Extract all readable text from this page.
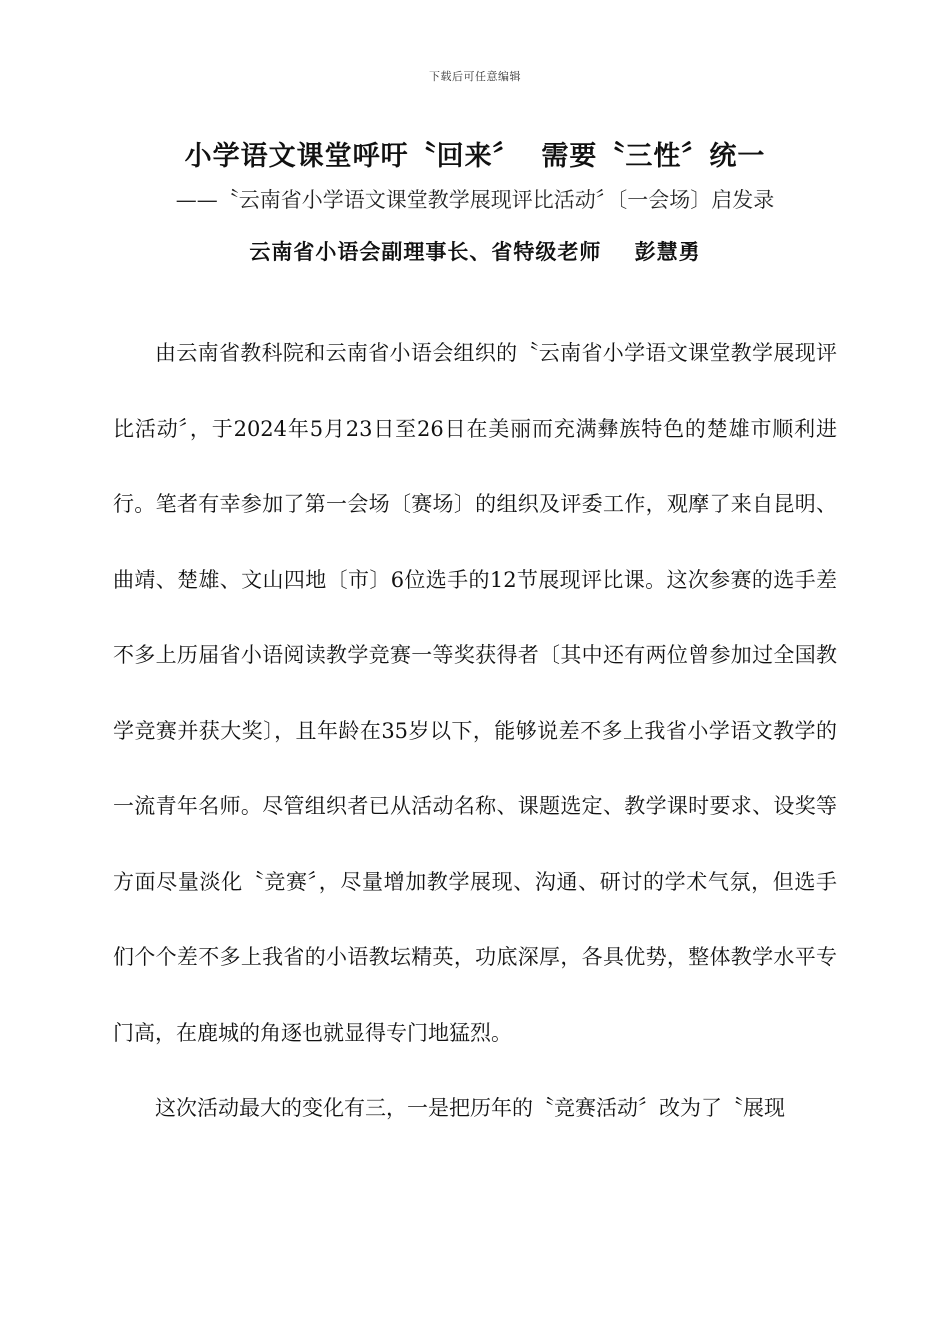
下载后可任意编辑
小学语文课堂呼吁〝回来〞  需要〝三性〞统一
——〝云南省小学语文课堂教学展现评比活动〞〔一会场〕启发录
云南省小语会副理事长、省特级老师    彭慧勇

由云南省教科院和云南省小语会组织的〝云南省小学语文课堂教学展现评比活动〞，于2024年5月23日至26日在美丽而充满彝族特色的楚雄市顺利进行。笔者有幸参加了第一会场〔赛场〕的组织及评委工作，观摩了来自昆明、曲靖、楚雄、文山四地〔市〕6位选手的12节展现评比课。这次参赛的选手差不多上历届省小语阅读教学竞赛一等奖获得者〔其中还有两位曾参加过全国教学竞赛并获大奖〕，且年龄在35岁以下，能够说差不多上我省小学语文教学的一流青年名师。尽管组织者已从活动名称、课题选定、教学课时要求、设奖等方面尽量淡化〝竞赛〞，尽量增加教学展现、沟通、研讨的学术气氛，但选手们个个差不多上我省的小语教坛精英，功底深厚，各具优势，整体教学水平专门高，在鹿城的角逐也就显得专门地猛烈。

这次活动最大的变化有三，一是把历年的〝竞赛活动〞改为了〝展现
